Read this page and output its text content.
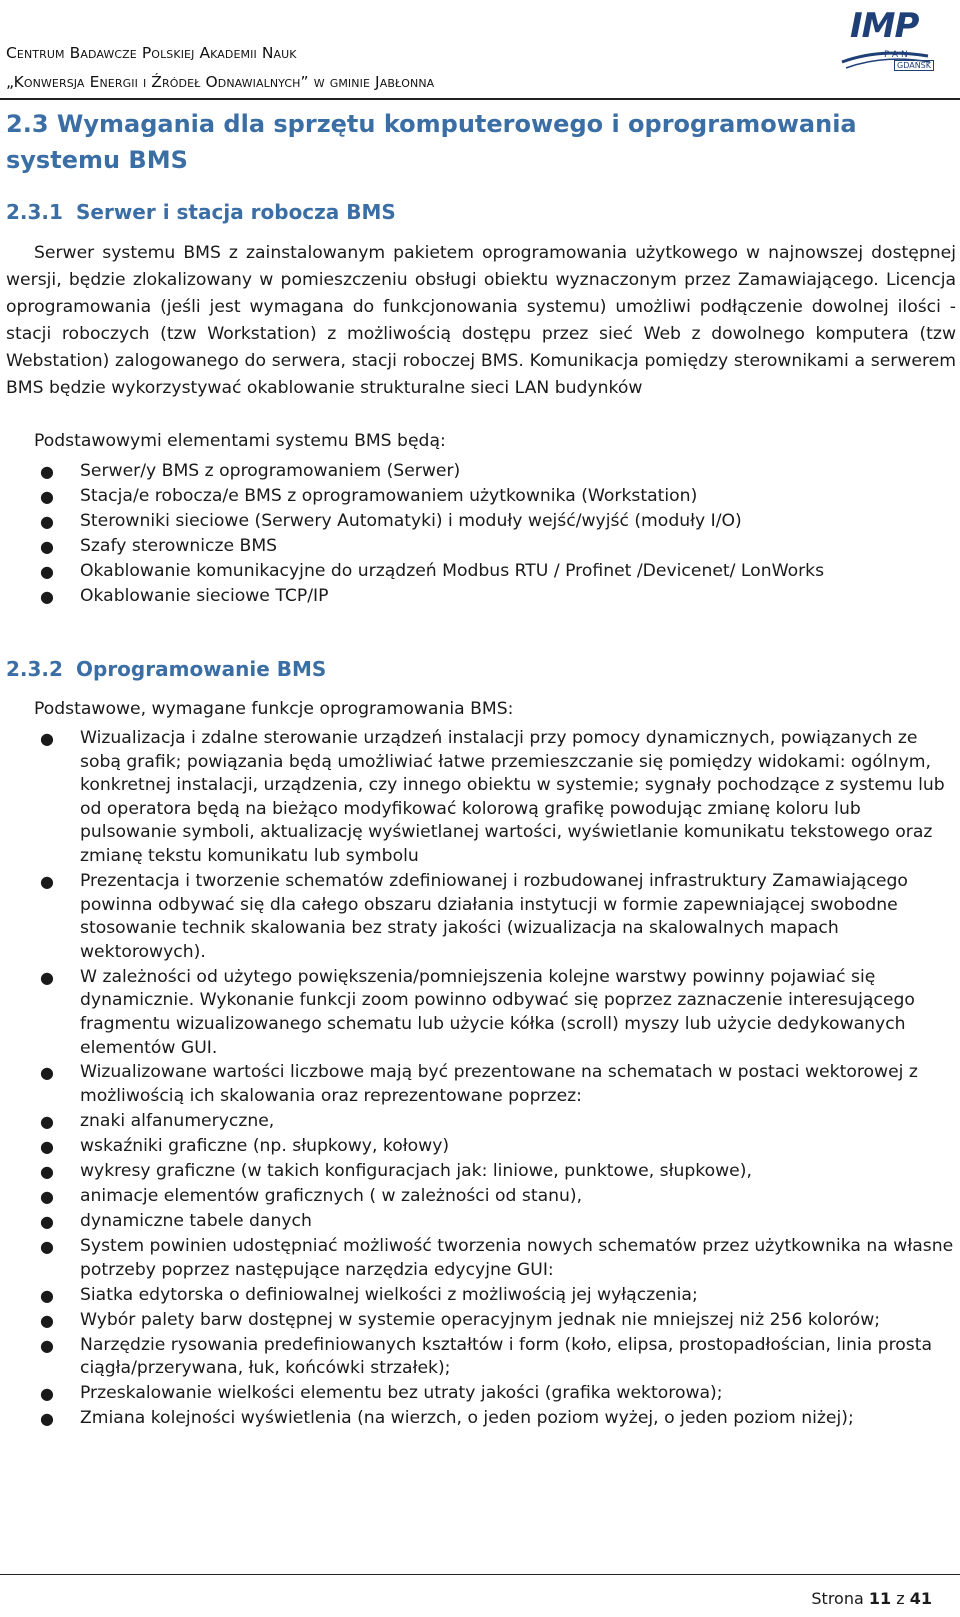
Centrum Badawcze Polskiej Akademii Nauk
„Konwersja Energii i Źródeł Odnawialnych” w gminie Jabłonna
IMP
PAN
GDAŃSK
2.3 Wymagania dla sprzętu komputerowego i oprogramowania systemu BMS
2.3.1 Serwer i stacja robocza BMS
Serwer systemu BMS z zainstalowanym pakietem oprogramowania użytkowego w najnowszej dostępnej wersji, będzie zlokalizowany w pomieszczeniu obsługi obiektu wyznaczonym przez Zamawiającego. Licencja oprogramowania (jeśli jest wymagana do funkcjonowania systemu) umożliwi podłączenie dowolnej ilości -stacji roboczych (tzw Workstation) z możliwością dostępu przez sieć Web z dowolnego komputera (tzw Webstation) zalogowanego do serwera, stacji roboczej BMS. Komunikacja pomiędzy sterownikami a serwerem BMS będzie wykorzystywać okablowanie strukturalne sieci LAN budynków
Podstawowymi elementami systemu BMS będą:
● Serwer/y BMS z oprogramowaniem (Serwer)
● Stacja/e robocza/e BMS z oprogramowaniem użytkownika (Workstation)
● Sterowniki sieciowe (Serwery Automatyki) i moduły wejść/wyjść (moduły I/O)
● Szafy sterownicze BMS
● Okablowanie komunikacyjne do urządzeń Modbus RTU / Profinet /Devicenet/ LonWorks
● Okablowanie sieciowe TCP/IP
2.3.2 Oprogramowanie BMS
Podstawowe, wymagane funkcje oprogramowania BMS:
● Wizualizacja i zdalne sterowanie urządzeń instalacji przy pomocy dynamicznych, powiązanych ze sobą grafik; powiązania będą umożliwiać łatwe przemieszczanie się pomiędzy widokami: ogólnym, konkretnej instalacji, urządzenia, czy innego obiektu w systemie; sygnały pochodzące z systemu lub od operatora będą na bieżąco modyfikować kolorową grafikę powodując zmianę koloru lub pulsowanie symboli, aktualizację wyświetlanej wartości, wyświetlanie komunikatu tekstowego oraz zmianę tekstu komunikatu lub symbolu
● Prezentacja i tworzenie schematów zdefiniowanej i rozbudowanej infrastruktury Zamawiającego powinna odbywać się dla całego obszaru działania instytucji w formie zapewniającej swobodne stosowanie technik skalowania bez straty jakości (wizualizacja na skalowalnych mapach wektorowych).
● W zależności od użytego powiększenia/pomniejszenia kolejne warstwy powinny pojawiać się dynamicznie. Wykonanie funkcji zoom powinno odbywać się poprzez zaznaczenie interesującego fragmentu wizualizowanego schematu lub użycie kółka (scroll) myszy lub użycie dedykowanych elementów GUI.
● Wizualizowane wartości liczbowe mają być prezentowane na schematach w postaci wektorowej z możliwością ich skalowania oraz reprezentowane poprzez:
● znaki alfanumeryczne,
● wskaźniki graficzne (np. słupkowy, kołowy)
● wykresy graficzne (w takich konfiguracjach jak: liniowe, punktowe, słupkowe),
● animacje elementów graficznych ( w zależności od stanu),
● dynamiczne tabele danych
● System powinien udostępniać możliwość tworzenia nowych schematów przez użytkownika na własne potrzeby poprzez następujące narzędzia edycyjne GUI:
● Siatka edytorska o definiowalnej wielkości z możliwością jej wyłączenia;
● Wybór palety barw dostępnej w systemie operacyjnym jednak nie mniejszej niż 256 kolorów;
● Narzędzie rysowania predefiniowanych kształtów i form (koło, elipsa, prostopadłościan, linia prosta ciągła/przerywana, łuk, końcówki strzałek);
● Przeskalowanie wielkości elementu bez utraty jakości (grafika wektorowa);
● Zmiana kolejności wyświetlenia (na wierzch, o jeden poziom wyżej, o jeden poziom niżej);
Strona 11 z 41
